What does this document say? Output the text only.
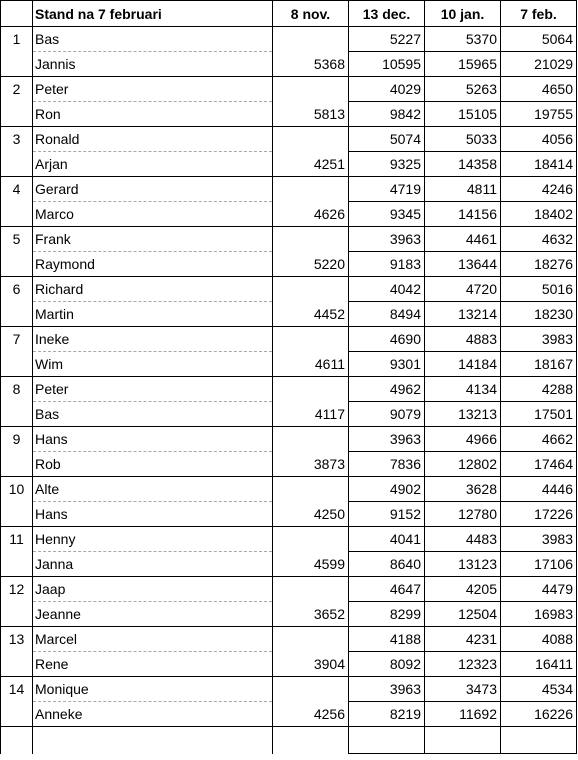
	Stand na 7 februari	8 nov.	13 dec.	10 jan.	7 feb.
1	Bas		5227	5370	5064
	Jannis	5368	10595	15965	21029
2	Peter		4029	5263	4650
	Ron	5813	9842	15105	19755
3	Ronald		5074	5033	4056
	Arjan	4251	9325	14358	18414
4	Gerard		4719	4811	4246
	Marco	4626	9345	14156	18402
5	Frank		3963	4461	4632
	Raymond	5220	9183	13644	18276
6	Richard		4042	4720	5016
	Martin	4452	8494	13214	18230
7	Ineke		4690	4883	3983
	Wim	4611	9301	14184	18167
8	Peter		4962	4134	4288
	Bas	4117	9079	13213	17501
9	Hans		3963	4966	4662
	Rob	3873	7836	12802	17464
10	Alte		4902	3628	4446
	Hans	4250	9152	12780	17226
11	Henny		4041	4483	3983
	Janna	4599	8640	13123	17106
12	Jaap		4647	4205	4479
	Jeanne	3652	8299	12504	16983
13	Marcel		4188	4231	4088
	Rene	3904	8092	12323	16411
14	Monique		3963	3473	4534
	Anneke	4256	8219	11692	16226
